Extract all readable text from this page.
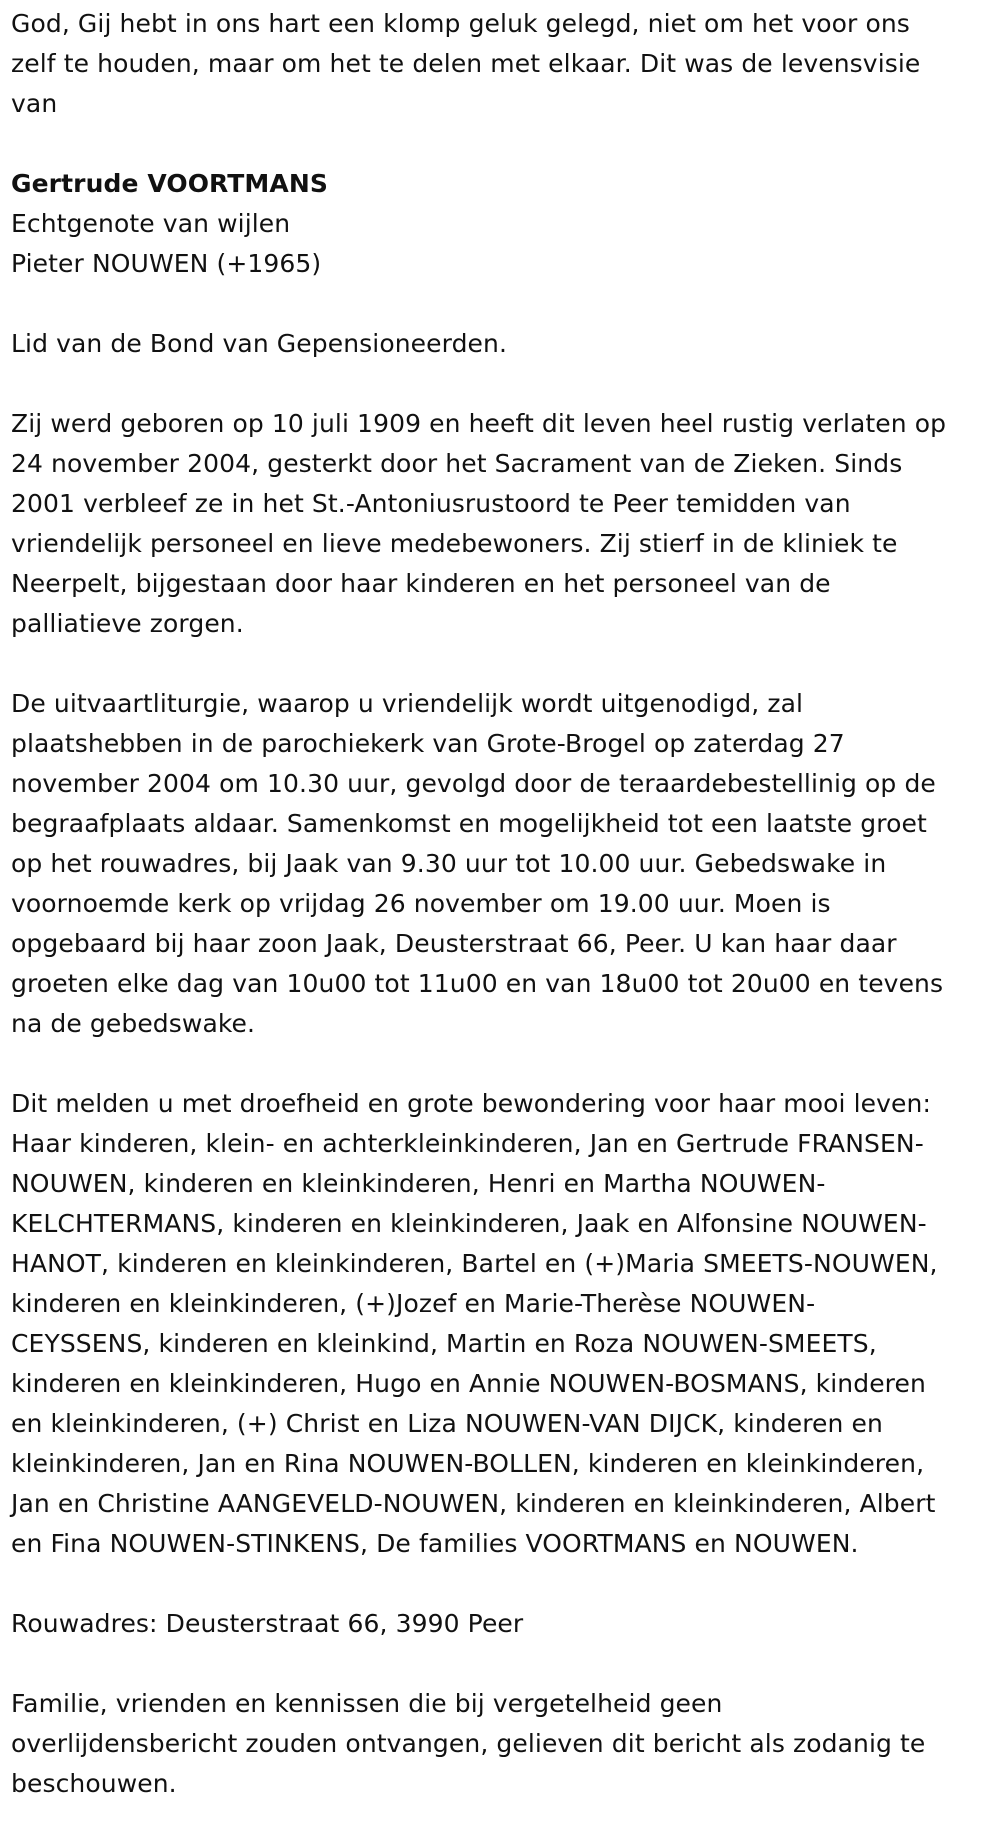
God, Gij hebt in ons hart een klomp geluk gelegd, niet om het voor ons
zelf te houden, maar om het te delen met elkaar. Dit was de levensvisie
van
Gertrude VOORTMANS
Echtgenote van wijlen
Pieter NOUWEN (+1965)
Lid van de Bond van Gepensioneerden.
Zij werd geboren op 10 juli 1909 en heeft dit leven heel rustig verlaten op
24 november 2004, gesterkt door het Sacrament van de Zieken. Sinds
2001 verbleef ze in het St.-Antoniusrustoord te Peer temidden van
vriendelijk personeel en lieve medebewoners. Zij stierf in de kliniek te
Neerpelt, bijgestaan door haar kinderen en het personeel van de
palliatieve zorgen.
De uitvaartliturgie, waarop u vriendelijk wordt uitgenodigd, zal
plaatshebben in de parochiekerk van Grote-Brogel op zaterdag 27
november 2004 om 10.30 uur, gevolgd door de teraardebestellinig op de
begraafplaats aldaar. Samenkomst en mogelijkheid tot een laatste groet
op het rouwadres, bij Jaak van 9.30 uur tot 10.00 uur. Gebedswake in
voornoemde kerk op vrijdag 26 november om 19.00 uur. Moen is
opgebaard bij haar zoon Jaak, Deusterstraat 66, Peer. U kan haar daar
groeten elke dag van 10u00 tot 11u00 en van 18u00 tot 20u00 en tevens
na de gebedswake.
Dit melden u met droefheid en grote bewondering voor haar mooi leven:
Haar kinderen, klein- en achterkleinkinderen, Jan en Gertrude FRANSEN-
NOUWEN, kinderen en kleinkinderen, Henri en Martha NOUWEN-
KELCHTERMANS, kinderen en kleinkinderen, Jaak en Alfonsine NOUWEN-
HANOT, kinderen en kleinkinderen, Bartel en (+)Maria SMEETS-NOUWEN,
kinderen en kleinkinderen, (+)Jozef en Marie-Therèse NOUWEN-
CEYSSENS, kinderen en kleinkind, Martin en Roza NOUWEN-SMEETS,
kinderen en kleinkinderen, Hugo en Annie NOUWEN-BOSMANS, kinderen
en kleinkinderen, (+) Christ en Liza NOUWEN-VAN DIJCK, kinderen en
kleinkinderen, Jan en Rina NOUWEN-BOLLEN, kinderen en kleinkinderen,
Jan en Christine AANGEVELD-NOUWEN, kinderen en kleinkinderen, Albert
en Fina NOUWEN-STINKENS, De families VOORTMANS en NOUWEN.
Rouwadres: Deusterstraat 66, 3990 Peer
Familie, vrienden en kennissen die bij vergetelheid geen
overlijdensbericht zouden ontvangen, gelieven dit bericht als zodanig te
beschouwen.
